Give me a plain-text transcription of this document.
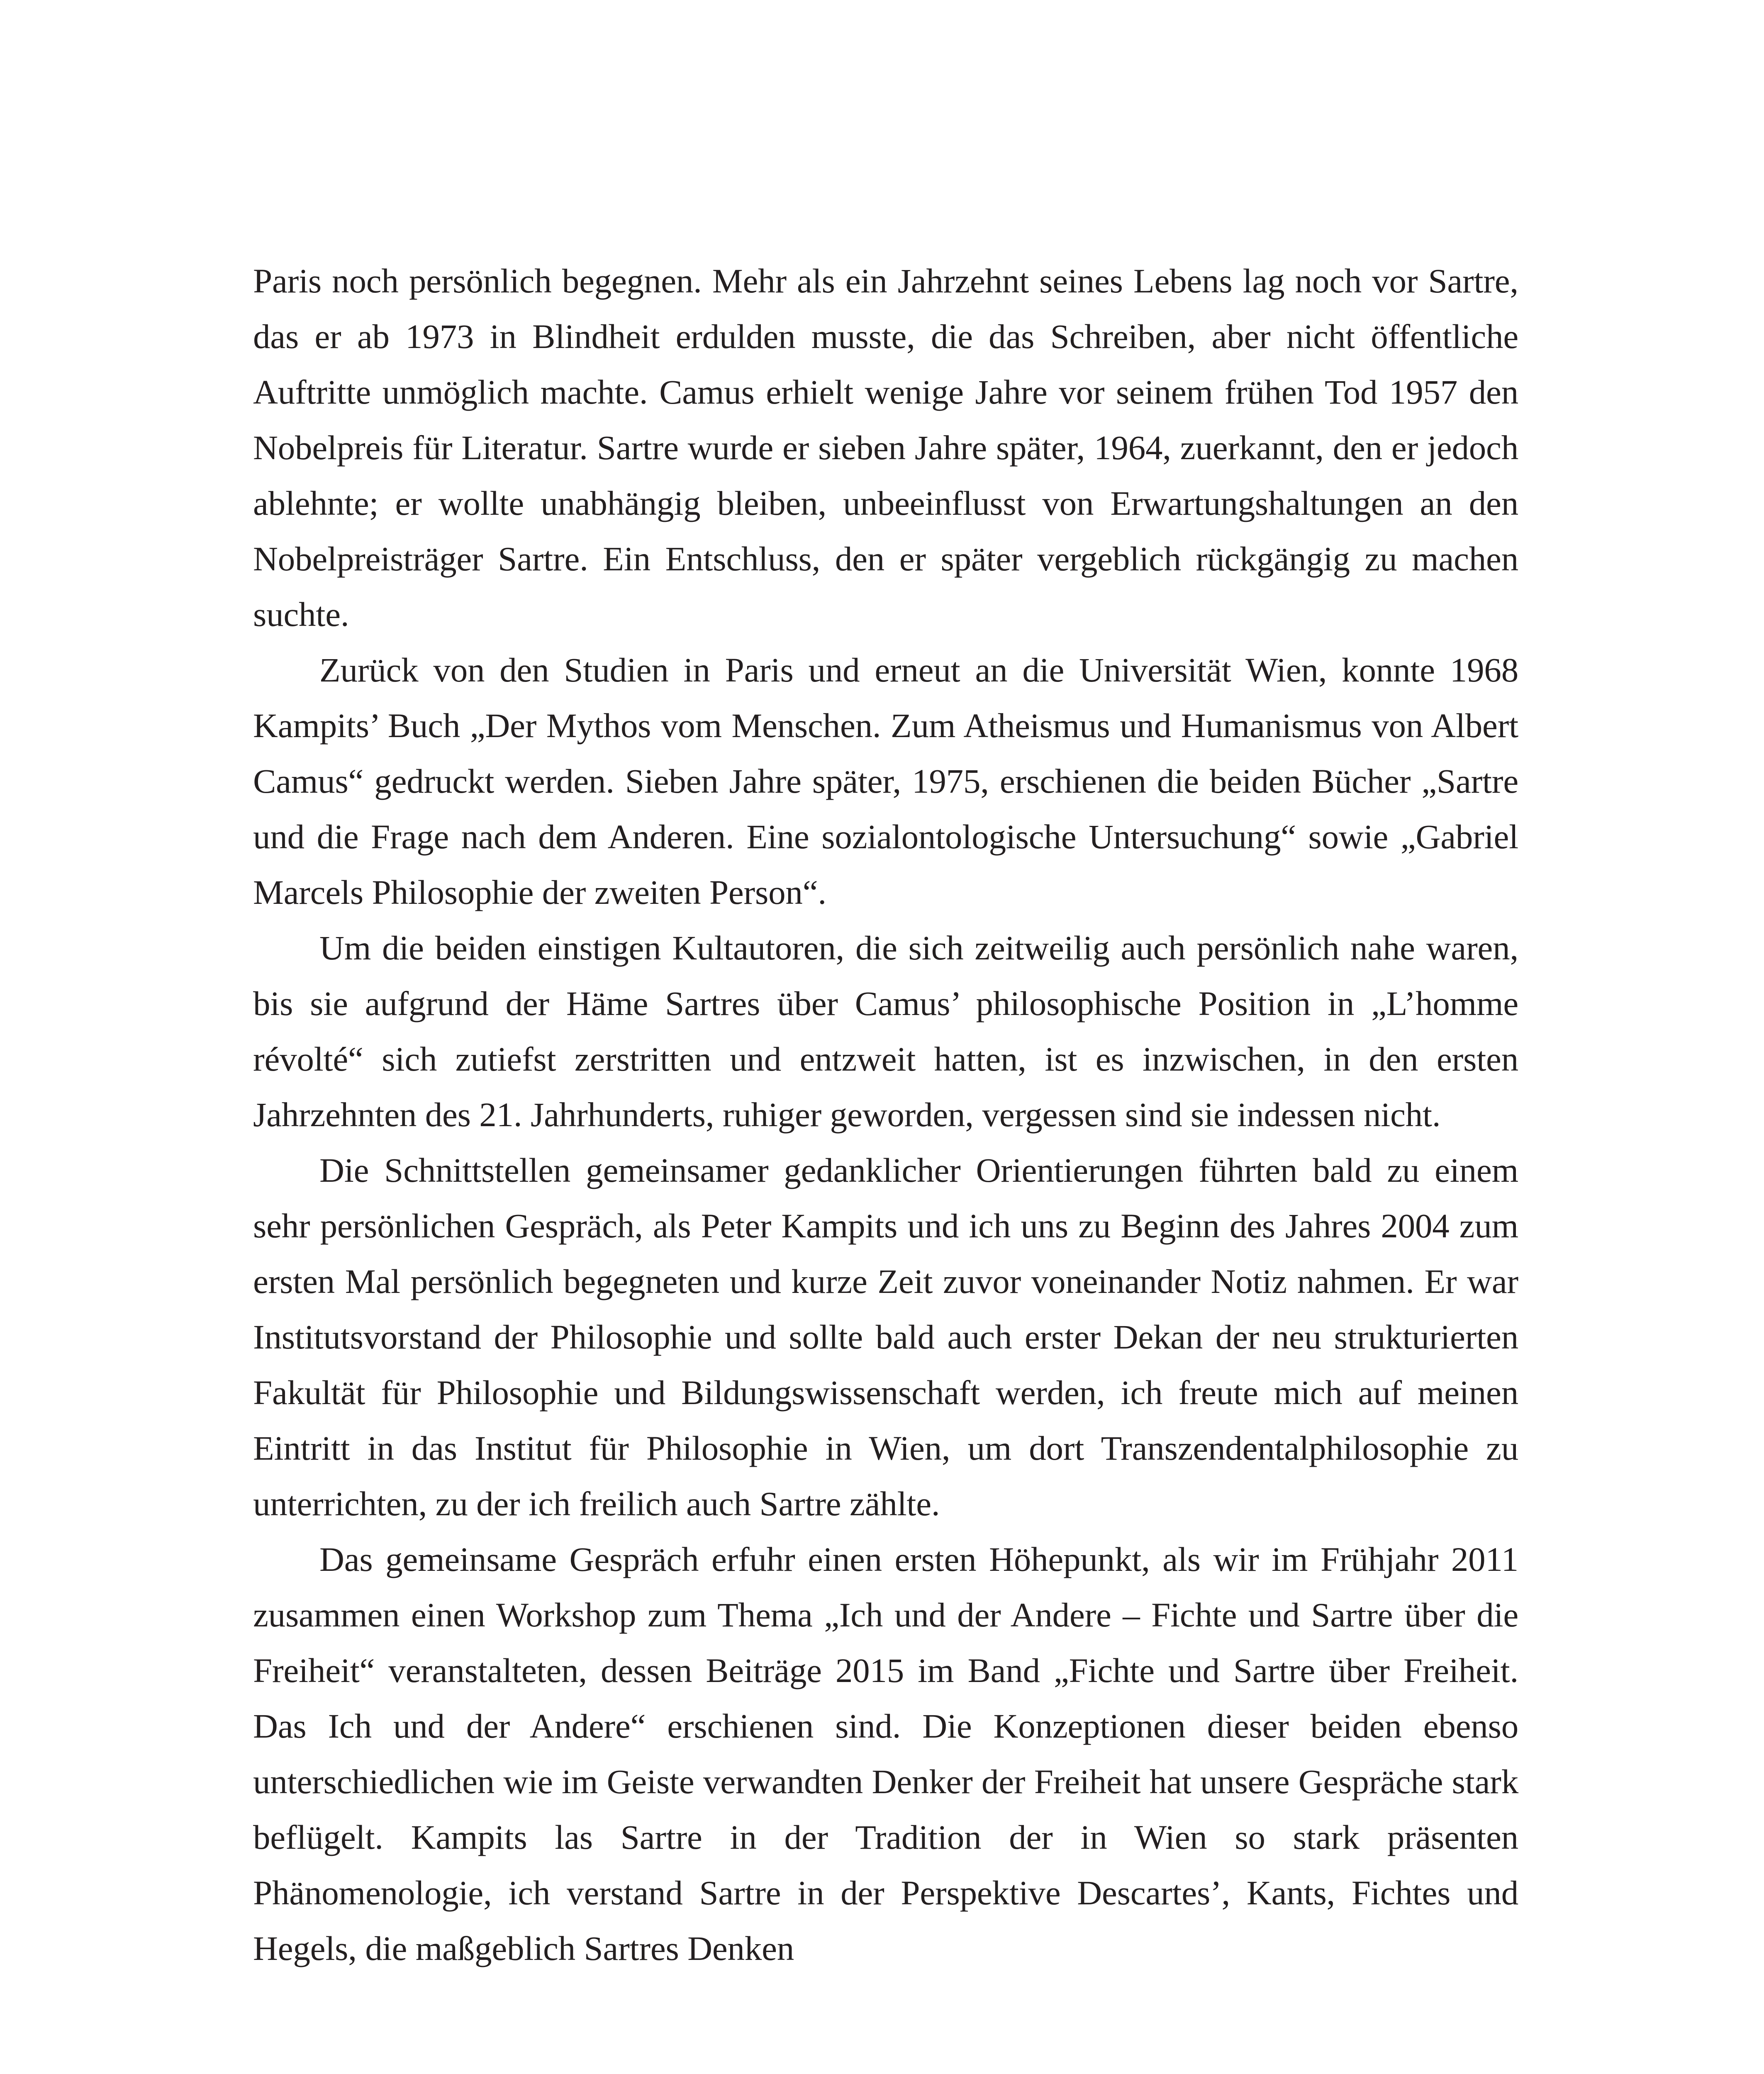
Paris noch persönlich begegnen. Mehr als ein Jahrzehnt seines Lebens lag noch vor Sartre, das er ab 1973 in Blindheit erdulden musste, die das Schreiben, aber nicht öffentliche Auftritte unmöglich machte. Camus erhielt wenige Jahre vor seinem frühen Tod 1957 den Nobelpreis für Literatur. Sartre wurde er sieben Jahre später, 1964, zuerkannt, den er jedoch ablehnte; er wollte unabhängig bleiben, unbeeinflusst von Erwartungshaltungen an den Nobelpreisträger Sartre. Ein Entschluss, den er später vergeblich rückgängig zu machen suchte.

Zurück von den Studien in Paris und erneut an die Universität Wien, konnte 1968 Kampits’ Buch „Der Mythos vom Menschen. Zum Atheismus und Humanismus von Albert Camus“ gedruckt werden. Sieben Jahre später, 1975, erschienen die beiden Bücher „Sartre und die Frage nach dem Anderen. Eine sozialontologische Untersuchung“ sowie „Gabriel Marcels Philosophie der zweiten Person“.

Um die beiden einstigen Kultautoren, die sich zeitweilig auch persönlich nahe waren, bis sie aufgrund der Häme Sartres über Camus’ philosophische Position in „L’homme révolté“ sich zutiefst zerstritten und entzweit hatten, ist es inzwischen, in den ersten Jahrzehnten des 21. Jahrhunderts, ruhiger geworden, vergessen sind sie indessen nicht.

Die Schnittstellen gemeinsamer gedanklicher Orientierungen führten bald zu einem sehr persönlichen Gespräch, als Peter Kampits und ich uns zu Beginn des Jahres 2004 zum ersten Mal persönlich begegneten und kurze Zeit zuvor voneinander Notiz nahmen. Er war Institutsvorstand der Philosophie und sollte bald auch erster Dekan der neu strukturierten Fakultät für Philosophie und Bildungswissenschaft werden, ich freute mich auf meinen Eintritt in das Institut für Philosophie in Wien, um dort Transzendentalphilosophie zu unterrichten, zu der ich freilich auch Sartre zählte.

Das gemeinsame Gespräch erfuhr einen ersten Höhepunkt, als wir im Frühjahr 2011 zusammen einen Workshop zum Thema „Ich und der Andere – Fichte und Sartre über die Freiheit“ veranstalteten, dessen Beiträge 2015 im Band „Fichte und Sartre über Freiheit. Das Ich und der Andere“ erschienen sind. Die Konzeptionen dieser beiden ebenso unterschiedlichen wie im Geiste verwandten Denker der Freiheit hat unsere Gespräche stark beflügelt. Kampits las Sartre in der Tradition der in Wien so stark präsenten Phänomenologie, ich verstand Sartre in der Perspektive Descartes’, Kants, Fichtes und Hegels, die maßgeblich Sartres Denken
